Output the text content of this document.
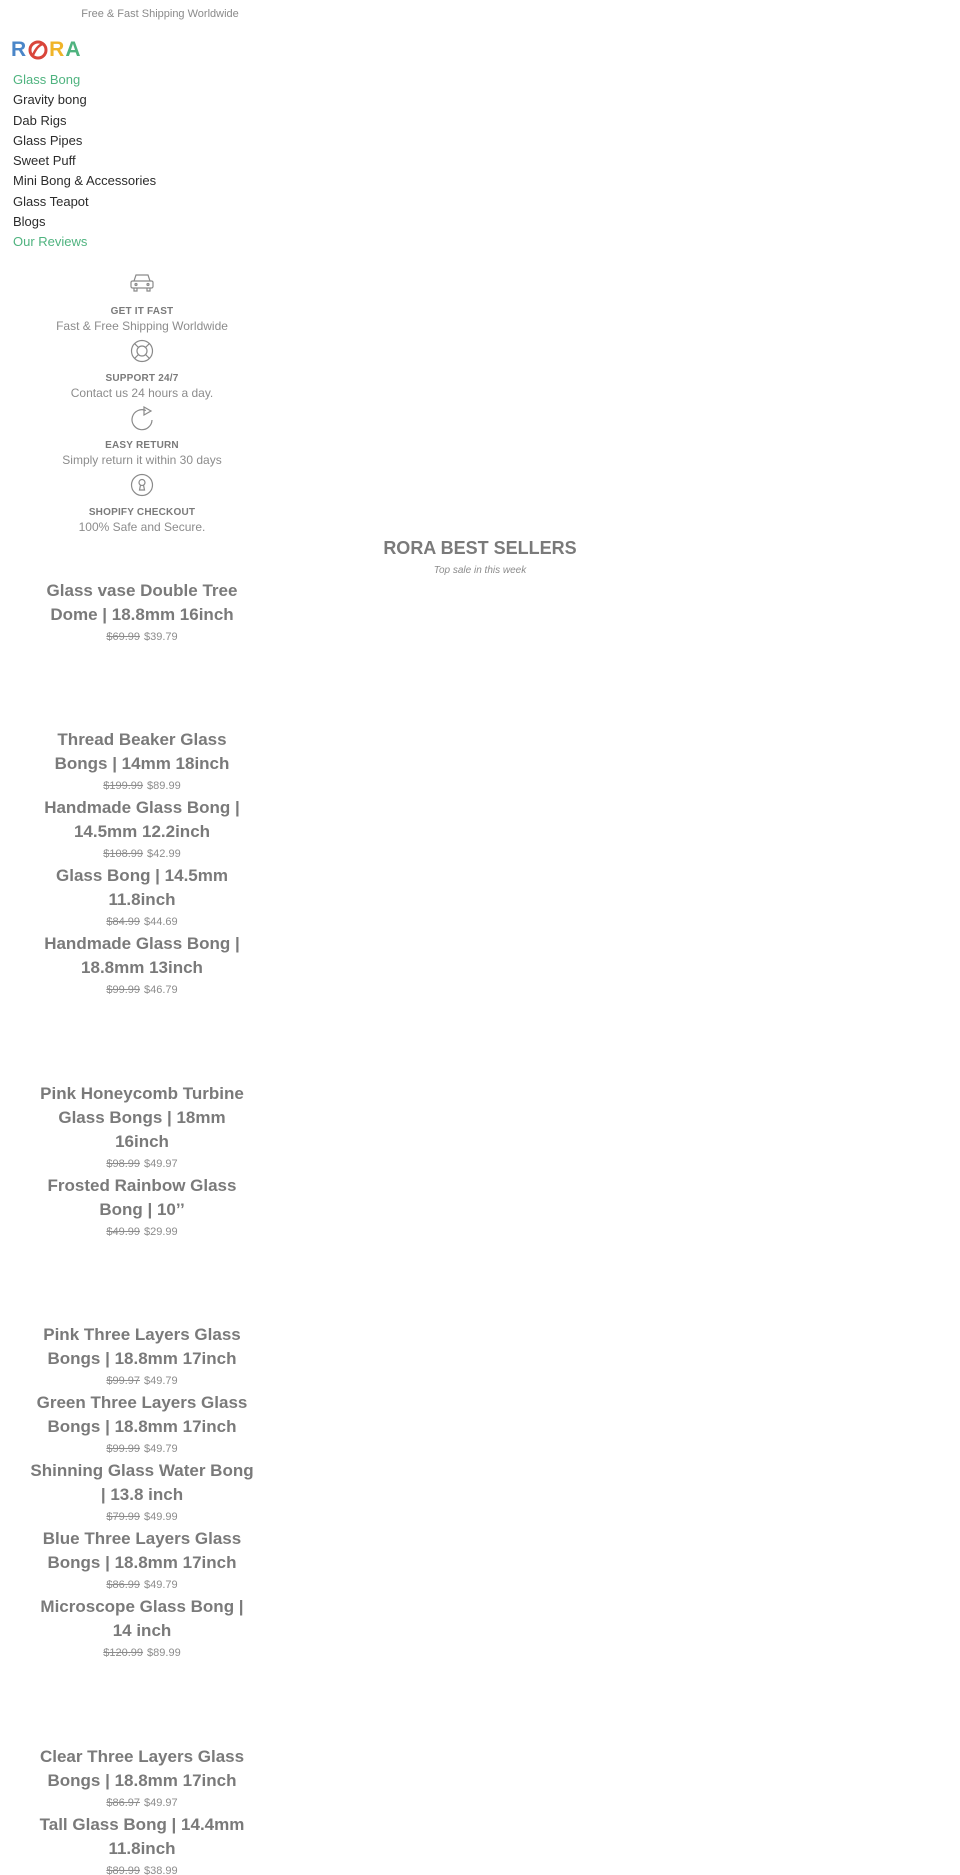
Free & Fast Shipping Worldwide
R R A
Glass Bong
Gravity bong
Dab Rigs
Glass Pipes
Sweet Puff
Mini Bong & Accessories
Glass Teapot
Blogs
Our Reviews
GET IT FAST
Fast & Free Shipping Worldwide
SUPPORT 24/7
Contact us 24 hours a day.
EASY RETURN
Simply return it within 30 days
SHOPIFY CHECKOUT
100% Safe and Secure.
RORA BEST SELLERS
Top sale in this week
Glass vase Double Tree Dome | 18.8mm 16inch
$69.99 $39.79
Thread Beaker Glass Bongs | 14mm 18inch
$199.99 $89.99
Handmade Glass Bong | 14.5mm 12.2inch
$108.99 $42.99
Glass Bong | 14.5mm 11.8inch
$84.99 $44.69
Handmade Glass Bong | 18.8mm 13inch
$99.99 $46.79
Pink Honeycomb Turbine Glass Bongs | 18mm 16inch
$98.99 $49.97
Frosted Rainbow Glass Bong | 10’’
$49.99 $29.99
Pink Three Layers Glass Bongs | 18.8mm 17inch
$99.97 $49.79
Green Three Layers Glass Bongs | 18.8mm 17inch
$99.99 $49.79
Shinning Glass Water Bong | 13.8 inch
$79.99 $49.99
Blue Three Layers Glass Bongs | 18.8mm 17inch
$86.99 $49.79
Microscope Glass Bong | 14 inch
$120.99 $89.99
Clear Three Layers Glass Bongs | 18.8mm 17inch
$86.97 $49.97
Tall Glass Bong | 14.4mm 11.8inch
$89.99 $38.99
